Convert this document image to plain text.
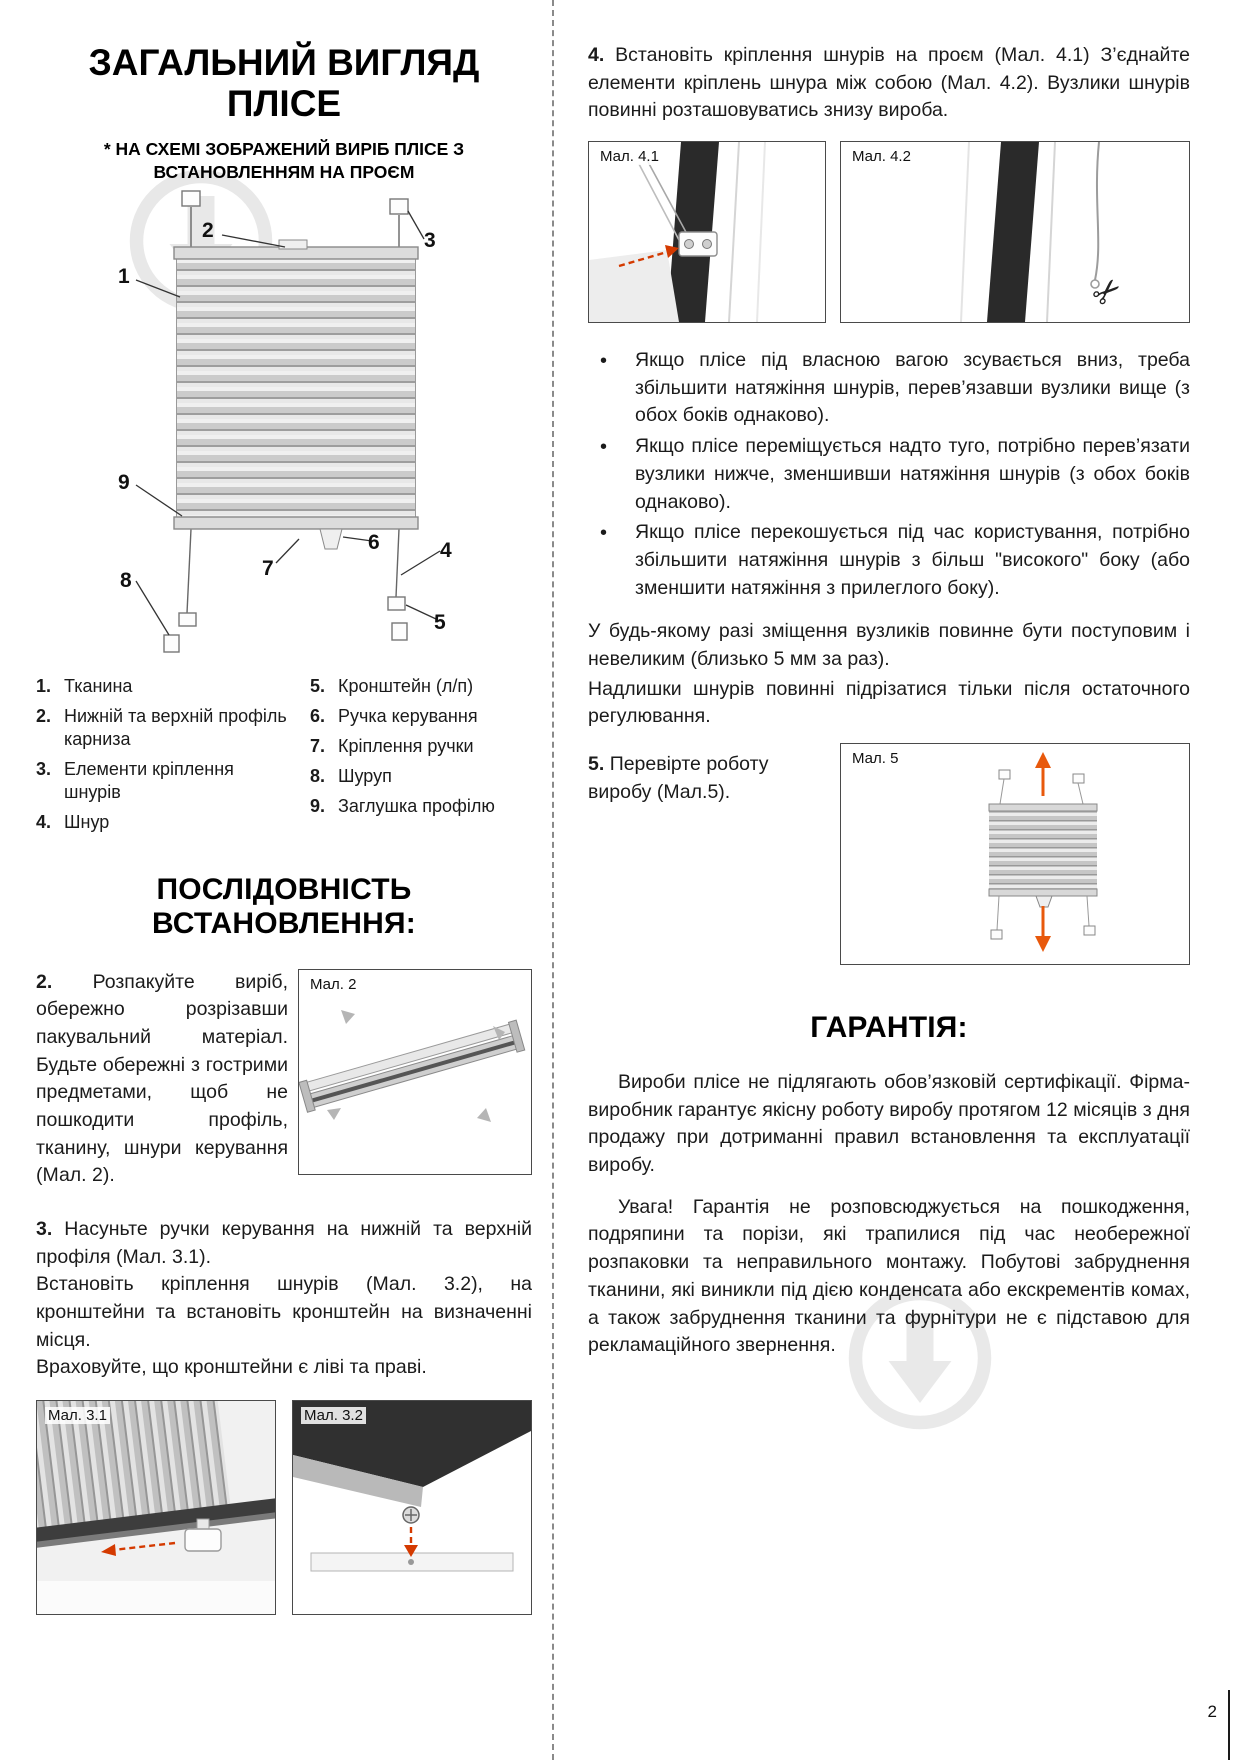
ЗАГАЛЬНИЙ ВИГЛЯД ПЛІСЕ
* НА СХЕМІ ЗОБРАЖЕНИЙ ВИРІБ ПЛІСЕ З ВСТАНОВЛЕННЯМ НА ПРОЄМ
1
2	3
4
5
6
7
8
9
1. Тканина
2. Нижній та верхній профіль карниза
3. Елементи кріплення шнурів
4. Шнур
5. Кронштейн (л/п)
6. Ручка керування
7. Кріплення ручки
8. Шуруп
9. Заглушка профілю
ПОСЛІДОВНІСТЬ ВСТАНОВЛЕННЯ:

2. Розпакуйте виріб, обережно розрізавши пакувальний матеріал. Будьте обережні з гострими предметами, щоб не пошкодити профіль, тканину, шнури керування (Мал. 2).

Мал. 2

3. Насуньте ручки керування на нижній та верхній профіля (Мал. 3.1).

Встановіть кріплення шнурів (Мал. 3.2), на кронштейни та встановіть кронштейн на визначенні місця.

Враховуйте, що кронштейни є ліві та праві.

Мал. 3.1	Мал. 3.2

4. Встановіть кріплення шнурів на проєм (Мал. 4.1) З’єднайте елементи кріплень шнура між собою (Мал. 4.2). Вузлики шнурів повинні розташовуватись знизу вироба.

Мал. 4.1	Мал. 4.2
✂
• Якщо плісе під власною вагою зсувається вниз, треба збільшити натяжіння шнурів, перев’язавши вузлики вище (з обох боків однаково).
• Якщо плісе переміщується надто туго, потрібно перев’язати вузлики нижче, зменшивши натяжіння шнурів (з обох боків однаково).
• Якщо плісе перекошується під час користування, потрібно збільшити натяжіння шнурів з більш "високого" боку (або зменшити натяжіння з прилеглого боку).

У будь-якому разі зміщення вузликів повинне бути поступовим і невеликим (близько 5 мм за раз).

Надлишки шнурів повинні підрізатися тільки після остаточного регулювання.

5. Перевірте роботу виробу (Мал.5).

Мал. 5
ГАРАНТІЯ:

Вироби плісе не підлягають обов’язковій сертифікації. Фірма-виробник гарантує якісну роботу виробу протягом 12 місяців з дня продажу при дотриманні правил встановлення та експлуатації виробу.

Увага! Гарантія не розповсюджується на пошкодження, подряпини та порізи, які трапилися під час необережної розпаковки та неправильного монтажу. Побутові забруднення тканини, які виникли під дією конденсата або екскрементів комах, а також забруднення тканини та фурнітури не є підставою для рекламаційного звернення.

2
